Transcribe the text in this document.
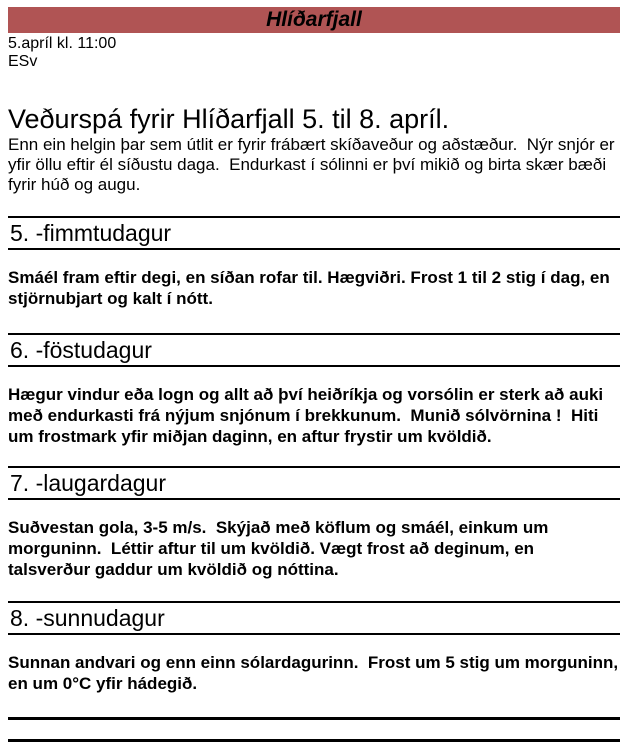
Hlíðarfjall
5.apríl kl. 11:00
ESv
Veðurspá fyrir Hlíðarfjall 5. til 8. apríl.
Enn ein helgin þar sem útlit er fyrir frábært skíðaveður og aðstæður.  Nýr snjór er yfir öllu eftir él síðustu daga.  Endurkast í sólinni er því mikið og birta skær bæði fyrir húð og augu.
5. -fimmtudagur
Smáél fram eftir degi, en síðan rofar til. Hægviðri. Frost 1 til 2 stig í dag, en stjörnubjart og kalt í nótt.
6. -föstudagur
Hægur vindur eða logn og allt að því heiðríkja og vorsólin er sterk að auki með endurkasti frá nýjum snjónum í brekkunum.  Munið sólvörnina !  Hiti um frostmark yfir miðjan daginn, en aftur frystir um kvöldið.
7. -laugardagur
Suðvestan gola, 3-5 m/s.  Skýjað með köflum og smáél, einkum um morguninn.  Léttir aftur til um kvöldið. Vægt frost að deginum, en talsverður gaddur um kvöldið og nóttina.
8. -sunnudagur
Sunnan andvari og enn einn sólardagurinn.  Frost um 5 stig um morguninn, en um 0°C yfir hádegið.
